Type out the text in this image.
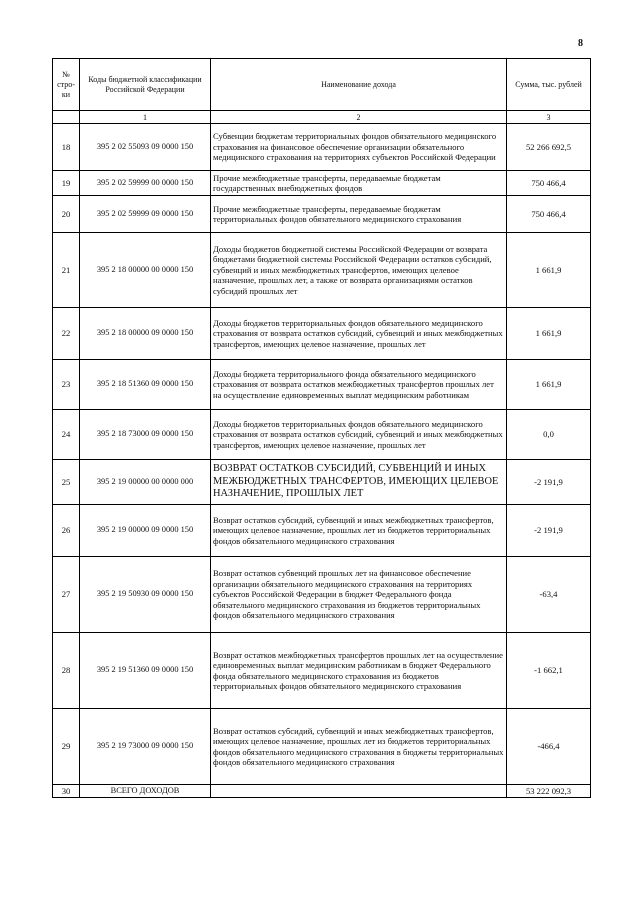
8
№ стро-ки	Коды бюджетной классификации Российской Федерации	Наименование дохода	Сумма, тыс. рублей
	1	2	3
18	395 2 02 55093 09 0000 150	Субвенции бюджетам территориальных фондов обязательного медицинского страхования на финансовое обеспечение организации обязательного медицинского страхования на территориях субъектов Российской Федерации	52 266 692,5
19	395 2 02 59999 00 0000 150	Прочие межбюджетные трансферты, передаваемые бюджетам государственных внебюджетных фондов	750 466,4
20	395 2 02 59999 09 0000 150	Прочие межбюджетные трансферты, передаваемые бюджетам территориальных фондов обязательного медицинского страхования	750 466,4
21	395 2 18 00000 00 0000 150	Доходы бюджетов бюджетной системы Российской Федерации от возврата бюджетами бюджетной системы Российской Федерации остатков субсидий, субвенций и иных межбюджетных трансфертов, имеющих целевое назначение, прошлых лет, а также от возврата организациями остатков субсидий прошлых лет	1 661,9
22	395 2 18 00000 09 0000 150	Доходы бюджетов территориальных фондов обязательного медицинского страхования от возврата остатков субсидий, субвенций и иных межбюджетных трансфертов, имеющих целевое назначение, прошлых лет	1 661,9
23	395 2 18 51360 09 0000 150	Доходы бюджета территориального фонда обязательного медицинского страхования от возврата остатков межбюджетных трансфертов прошлых лет на осуществление единовременных выплат медицинским работникам	1 661,9
24	395 2 18 73000 09 0000 150	Доходы бюджетов территориальных фондов обязательного медицинского страхования от возврата остатков субсидий, субвенций и иных межбюджетных трансфертов, имеющих целевое назначение, прошлых лет	0,0
25	395 2 19 00000 00 0000 000	ВОЗВРАТ ОСТАТКОВ СУБСИДИЙ, СУБВЕНЦИЙ И ИНЫХ МЕЖБЮДЖЕТНЫХ ТРАНСФЕРТОВ, ИМЕЮЩИХ ЦЕЛЕВОЕ НАЗНАЧЕНИЕ, ПРОШЛЫХ ЛЕТ	-2 191,9
26	395 2 19 00000 09 0000 150	Возврат остатков субсидий, субвенций и иных межбюджетных трансфертов, имеющих целевое назначение, прошлых лет из бюджетов территориальных фондов обязательного медицинского страхования	-2 191,9
27	395 2 19 50930 09 0000 150	Возврат остатков субвенций прошлых лет на финансовое обеспечение организации обязательного медицинского страхования на территориях субъектов Российской Федерации в бюджет Федерального фонда обязательного медицинского страхования из бюджетов территориальных фондов обязательного медицинского страхования	-63,4
28	395 2 19 51360 09 0000 150	Возврат остатков межбюджетных трансфертов прошлых лет на осуществление единовременных выплат медицинским работникам в бюджет Федерального фонда обязательного медицинского страхования из бюджетов территориальных фондов обязательного медицинского страхования	-1 662,1
29	395 2 19 73000 09 0000 150	Возврат остатков субсидий, субвенций и иных межбюджетных трансфертов, имеющих целевое назначение, прошлых лет из бюджетов территориальных фондов обязательного медицинского страхования в бюджеты территориальных фондов обязательного медицинского страхования	-466,4
30	ВСЕГО ДОХОДОВ		53 222 092,3
